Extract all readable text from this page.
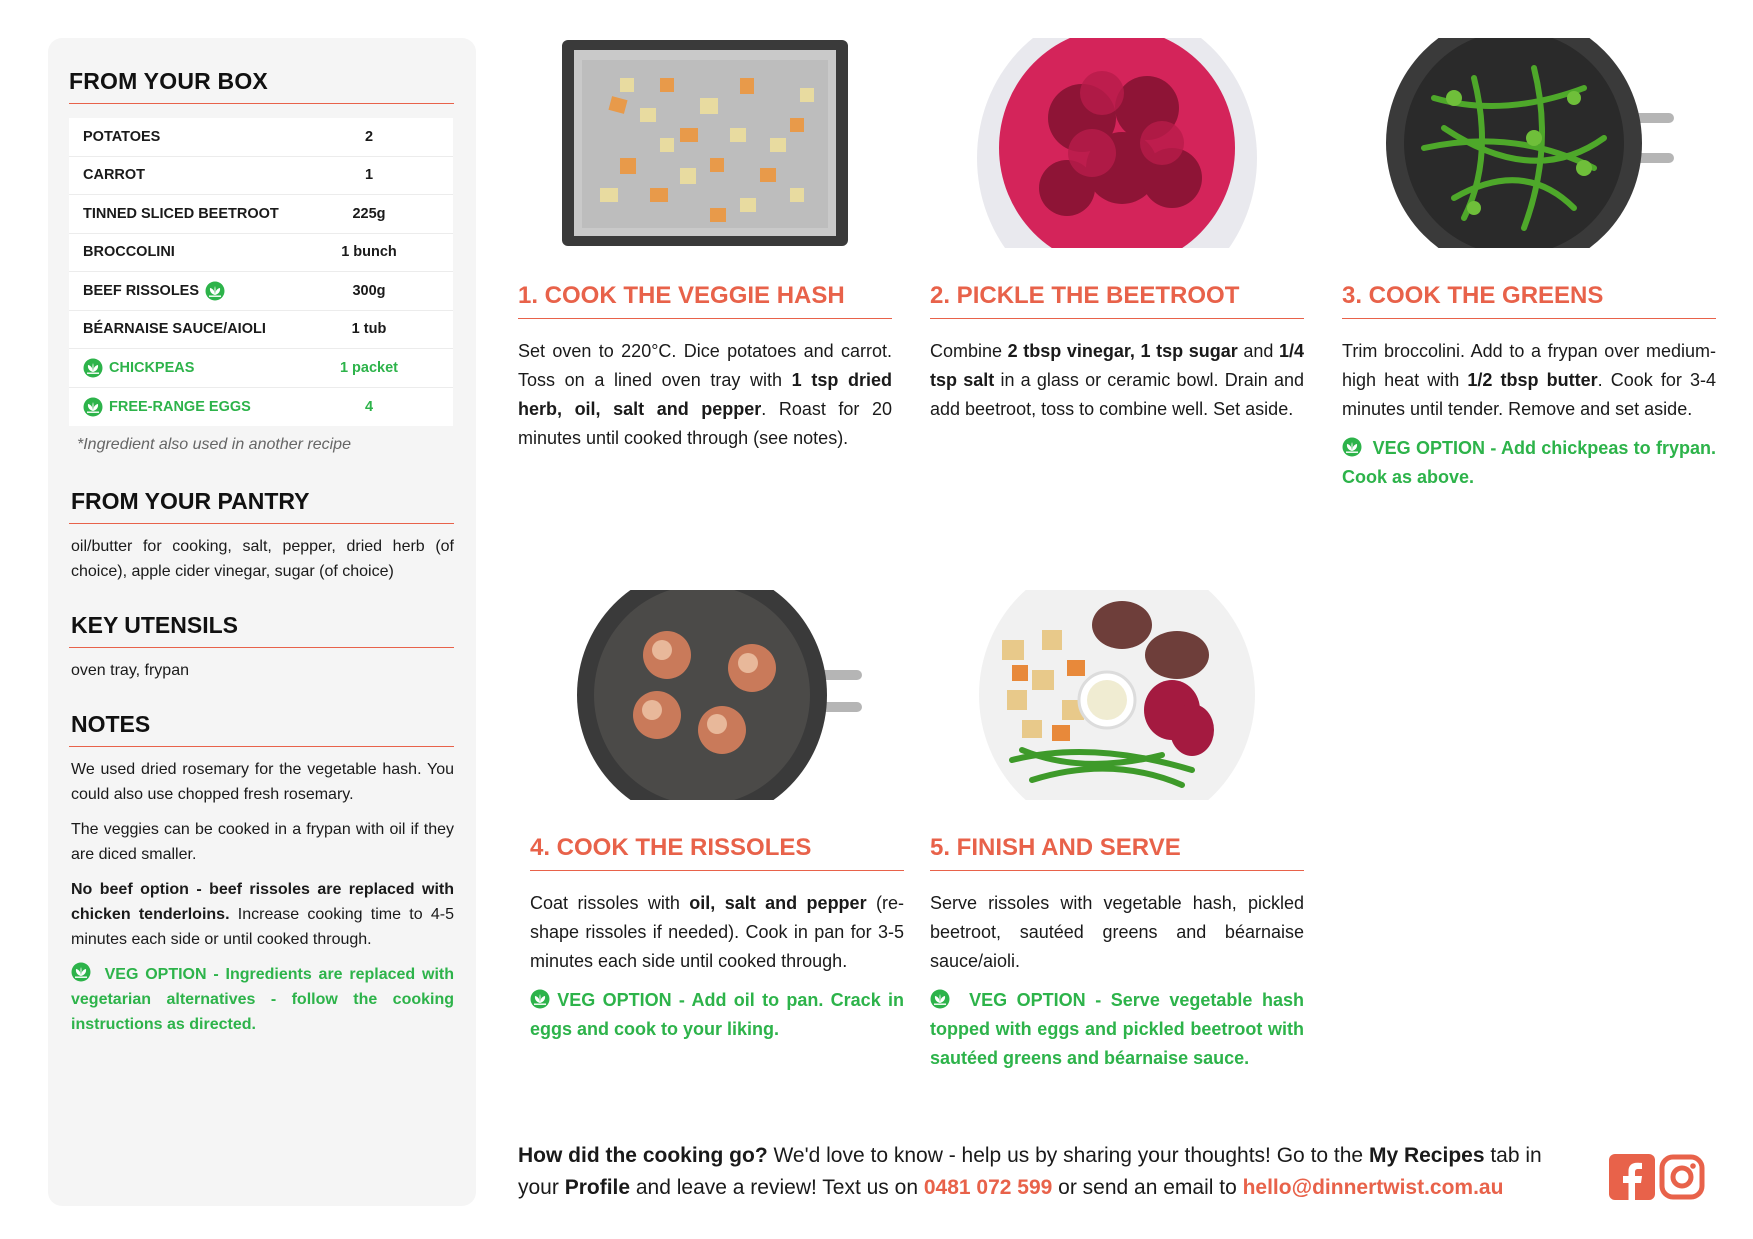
FROM YOUR BOX
POTATOES	2
CARROT	1
TINNED SLICED BEETROOT	225g
BROCCOLINI	1 bunch
BEEF RISSOLES	300g
BÉARNAISE SAUCE/AIOLI	1 tub
CHICKPEAS	1 packet
FREE-RANGE EGGS	4
*Ingredient also used in another recipe
FROM YOUR PANTRY
oil/butter for cooking, salt, pepper, dried herb (of choice), apple cider vinegar, sugar (of choice)
KEY UTENSILS
oven tray, frypan
NOTES

We used dried rosemary for the vegetable hash. You could also use chopped fresh rosemary.

The veggies can be cooked in a frypan with oil if they are diced smaller.

No beef option - beef rissoles are replaced with chicken tenderloins. Increase cooking time to 4-5 minutes each side or until cooked through.

VEG OPTION - Ingredients are replaced with vegetarian alternatives - follow the cooking instructions as directed.

1. COOK THE VEGGIE HASH

Set oven to 220°C. Dice potatoes and carrot. Toss on a lined oven tray with 1 tsp dried herb, oil, salt and pepper. Roast for 20 minutes until cooked through (see notes).

2. PICKLE THE BEETROOT

Combine 2 tbsp vinegar, 1 tsp sugar and 1/4 tsp salt in a glass or ceramic bowl. Drain and add beetroot, toss to combine well. Set aside.

3. COOK THE GREENS

Trim broccolini. Add to a frypan over medium-high heat with 1/2 tbsp butter. Cook for 3-4 minutes until tender. Remove and set aside.

VEG OPTION - Add chickpeas to frypan. Cook as above.

4. COOK THE RISSOLES

Coat rissoles with oil, salt and pepper (re-shape rissoles if needed). Cook in pan for 3-5 minutes each side until cooked through.

VEG OPTION - Add oil to pan. Crack in eggs and cook to your liking.

5. FINISH AND SERVE

Serve rissoles with vegetable hash, pickled beetroot, sautéed greens and béarnaise sauce/aioli.

VEG OPTION - Serve vegetable hash topped with eggs and pickled beetroot with sautéed greens and béarnaise sauce.

How did the cooking go? We'd love to know - help us by sharing your thoughts! Go to the My Recipes tab in your Profile and leave a review! Text us on 0481 072 599 or send an email to hello@dinnertwist.com.au
